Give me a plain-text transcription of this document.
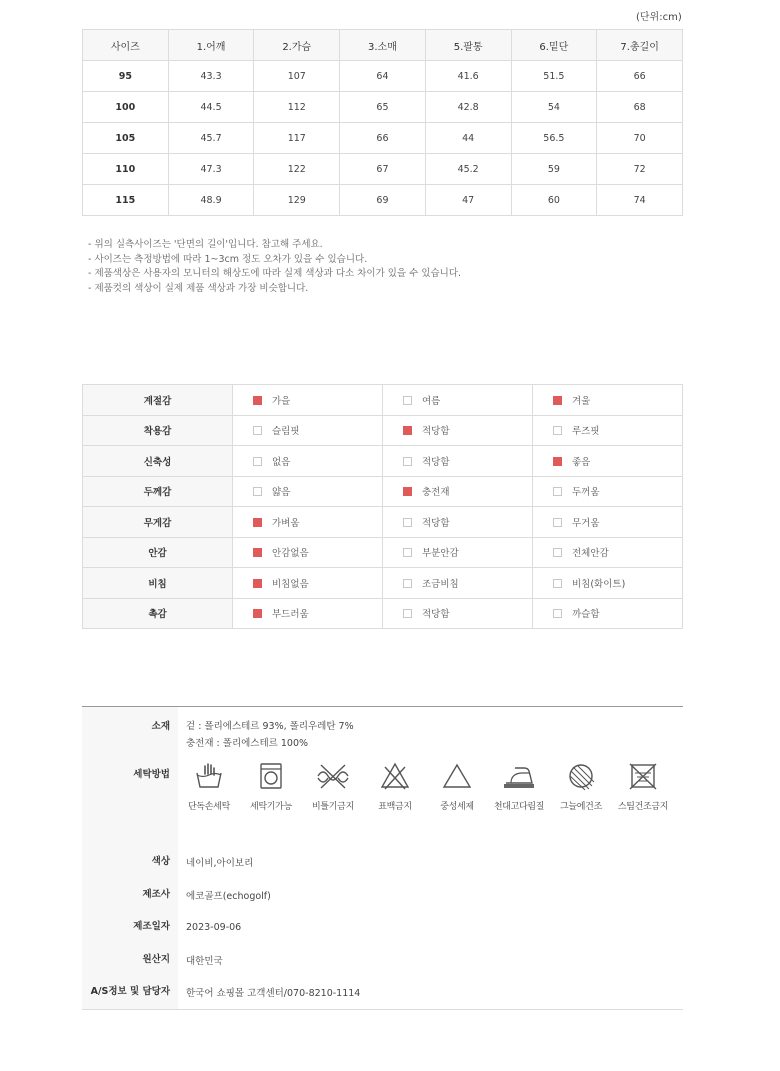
(단위:cm)
사이즈	1.어깨	2.가슴	3.소매	5.팔통	6.밑단	7.총길이
95	43.3	107	64	41.6	51.5	66
100	44.5	112	65	42.8	54	68
105	45.7	117	66	44	56.5	70
110	47.3	122	67	45.2	59	72
115	48.9	129	69	47	60	74
- 위의 실측사이즈는 '단면의 길이'입니다. 참고해 주세요.
- 사이즈는 측정방법에 따라 1~3cm 정도 오차가 있을 수 있습니다.
- 제품색상은 사용자의 모니터의 해상도에 따라 실제 색상과 다소 차이가 있을 수 있습니다.
- 제품컷의 색상이 실제 제품 색상과 가장 비슷합니다.
계절감	가을	여름	겨울
착용감	슬림핏	적당함	루즈핏
신축성	없음	적당함	좋음
두께감	얇음	충전재	두꺼움
무게감	가벼움	적당함	무거움
안감	안감없음	부분안감	전체안감
비침	비침없음	조금비침	비침(화이트)
촉감	부드러움	적당함	까슬함
소재	겉 : 폴리에스테르 93%, 폴리우레탄 7%
충전재 : 폴리에스테르 100%
세탁방법
단독손세탁	세탁기가능	비틀기금지	표백금지	중성세제	천대고다림질	그늘에건조	스팀건조금지
색상	네이비,아이보리
제조사	에코골프(echogolf)
제조일자	2023-09-06
원산지	대한민국
A/S정보 및 담당자	한국어 쇼핑몰 고객센터/070-8210-1114
